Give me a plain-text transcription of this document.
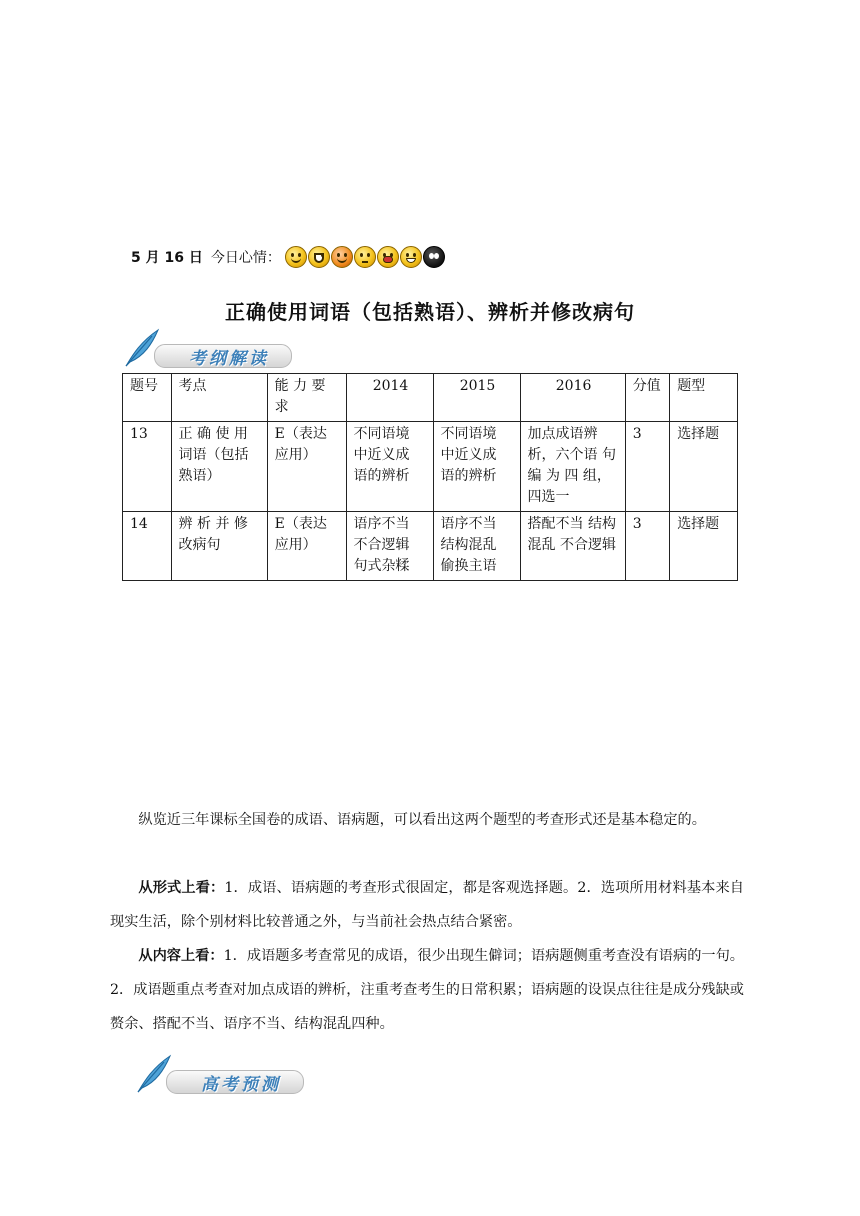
5 月 16 日 今日心情：
正确使用词语（包括熟语）、辨析并修改病句
考纲解读
题号	考点	能 力 要 求	2014	2015	2016	分值	题型
13	正 确 使 用 词语（包括 熟语）	E（表达 应用）	不同语境 中近义成 语的辨析	不同语境 中近义成 语的辨析	加点成语辨 析，六个语 句 编 为 四 组，四选一	3	选择题
14	辨 析 并 修 改病句	E（表达 应用）	语序不当 不合逻辑 句式杂糅	语序不当 结构混乱 偷换主语	搭配不当 结构混乱 不合逻辑	3	选择题
纵览近三年课标全国卷的成语、语病题，可以看出这两个题型的考查形式还是基本稳定的。
从形式上看：1．成语、语病题的考查形式很固定，都是客观选择题。2．选项所用材料基本来自现实生活，除个别材料比较普通之外，与当前社会热点结合紧密。
从内容上看：1．成语题多考查常见的成语，很少出现生僻词；语病题侧重考查没有语病的一句。2．成语题重点考查对加点成语的辨析，注重考查考生的日常积累；语病题的设误点往往是成分残缺或赘余、搭配不当、语序不当、结构混乱四种。
高考预测
